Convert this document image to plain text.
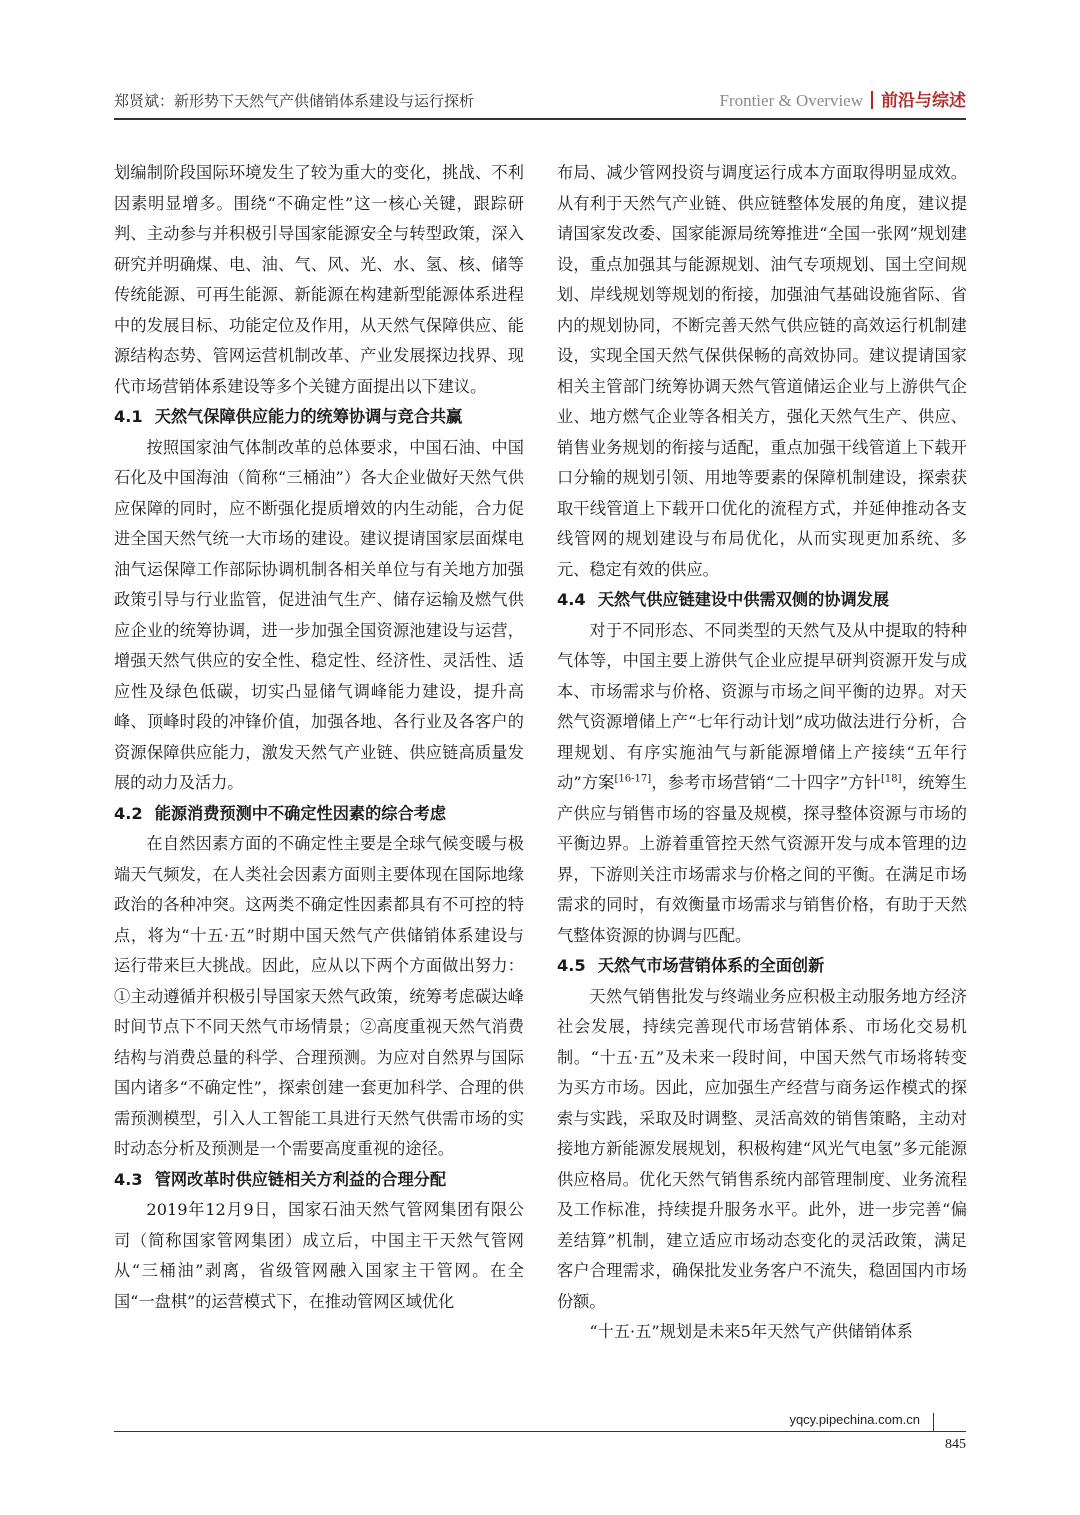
郑贤斌：新形势下天然气产供储销体系建设与运行探析	Frontier & Overview 前沿与综述

划编制阶段国际环境发生了较为重大的变化，挑战、不利因素明显增多。围绕“不确定性”这一核心关键，跟踪研判、主动参与并积极引导国家能源安全与转型政策，深入研究并明确煤、电、油、气、风、光、水、氢、核、储等传统能源、可再生能源、新能源在构建新型能源体系进程中的发展目标、功能定位及作用，从天然气保障供应、能源结构态势、管网运营机制改革、产业发展探边找界、现代市场营销体系建设等多个关键方面提出以下建议。

4.1 天然气保障供应能力的统筹协调与竞合共赢

按照国家油气体制改革的总体要求，中国石油、中国石化及中国海油（简称“三桶油”）各大企业做好天然气供应保障的同时，应不断强化提质增效的内生动能，合力促进全国天然气统一大市场的建设。建议提请国家层面煤电油气运保障工作部际协调机制各相关单位与有关地方加强政策引导与行业监管，促进油气生产、储存运输及燃气供应企业的统筹协调，进一步加强全国资源池建设与运营，增强天然气供应的安全性、稳定性、经济性、灵活性、适应性及绿色低碳，切实凸显储气调峰能力建设，提升高峰、顶峰时段的冲锋价值，加强各地、各行业及各客户的资源保障供应能力，激发天然气产业链、供应链高质量发展的动力及活力。

4.2 能源消费预测中不确定性因素的综合考虑

在自然因素方面的不确定性主要是全球气候变暖与极端天气频发，在人类社会因素方面则主要体现在国际地缘政治的各种冲突。这两类不确定性因素都具有不可控的特点，将为“十五·五”时期中国天然气产供储销体系建设与运行带来巨大挑战。因此，应从以下两个方面做出努力：①主动遵循并积极引导国家天然气政策，统筹考虑碳达峰时间节点下不同天然气市场情景；②高度重视天然气消费结构与消费总量的科学、合理预测。为应对自然界与国际国内诸多“不确定性”，探索创建一套更加科学、合理的供需预测模型，引入人工智能工具进行天然气供需市场的实时动态分析及预测是一个需要高度重视的途径。

4.3 管网改革时供应链相关方利益的合理分配

2019年12月9日，国家石油天然气管网集团有限公司（简称国家管网集团）成立后，中国主干天然气管网从“三桶油”剥离，省级管网融入国家主干管网。在全国“一盘棋”的运营模式下，在推动管网区域优化

布局、减少管网投资与调度运行成本方面取得明显成效。从有利于天然气产业链、供应链整体发展的角度，建议提请国家发改委、国家能源局统筹推进“全国一张网”规划建设，重点加强其与能源规划、油气专项规划、国土空间规划、岸线规划等规划的衔接，加强油气基础设施省际、省内的规划协同，不断完善天然气供应链的高效运行机制建设，实现全国天然气保供保畅的高效协同。建议提请国家相关主管部门统筹协调天然气管道储运企业与上游供气企业、地方燃气企业等各相关方，强化天然气生产、供应、销售业务规划的衔接与适配，重点加强干线管道上下载开口分输的规划引领、用地等要素的保障机制建设，探索获取干线管道上下载开口优化的流程方式，并延伸推动各支线管网的规划建设与布局优化，从而实现更加系统、多元、稳定有效的供应。

4.4 天然气供应链建设中供需双侧的协调发展

对于不同形态、不同类型的天然气及从中提取的特种气体等，中国主要上游供气企业应提早研判资源开发与成本、市场需求与价格、资源与市场之间平衡的边界。对天然气资源增储上产“七年行动计划”成功做法进行分析，合理规划、有序实施油气与新能源增储上产接续“五年行动”方案[16-17]，参考市场营销“二十四字”方针[18]，统筹生产供应与销售市场的容量及规模，探寻整体资源与市场的平衡边界。上游着重管控天然气资源开发与成本管理的边界，下游则关注市场需求与价格之间的平衡。在满足市场需求的同时，有效衡量市场需求与销售价格，有助于天然气整体资源的协调与匹配。

4.5 天然气市场营销体系的全面创新

天然气销售批发与终端业务应积极主动服务地方经济社会发展，持续完善现代市场营销体系、市场化交易机制。“十五·五”及未来一段时间，中国天然气市场将转变为买方市场。因此，应加强生产经营与商务运作模式的探索与实践，采取及时调整、灵活高效的销售策略，主动对接地方新能源发展规划，积极构建“风光气电氢”多元能源供应格局。优化天然气销售系统内部管理制度、业务流程及工作标准，持续提升服务水平。此外，进一步完善“偏差结算”机制，建立适应市场动态变化的灵活政策，满足客户合理需求，确保批发业务客户不流失，稳固国内市场份额。

“十五·五”规划是未来5年天然气产供储销体系

yqcy.pipechina.com.cn
845
